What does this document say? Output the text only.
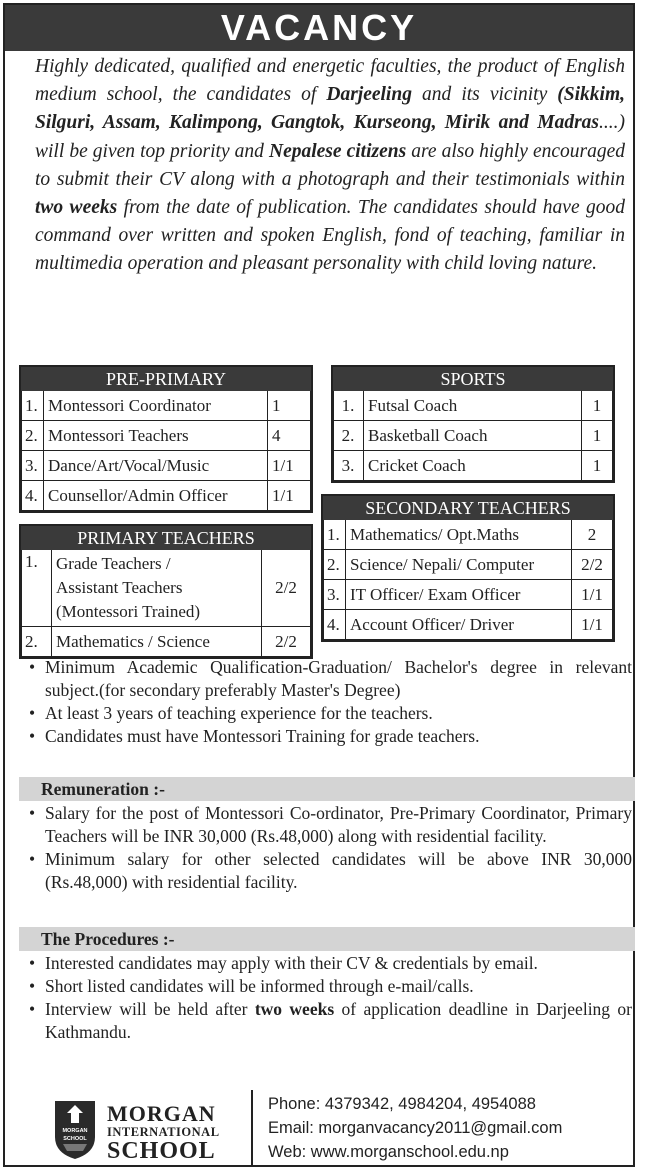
VACANCY
Highly dedicated, qualified and energetic faculties, the product of English medium school, the candidates of Darjeeling and its vicinity (Sikkim, Silguri, Assam, Kalimpong, Gangtok, Kurseong, Mirik and Madras....) will be given top priority and Nepalese citizens are also highly encouraged to submit their CV along with a photograph and their testimonials within two weeks from the date of publication. The candidates should have good command over written and spoken English, fond of teaching, familiar in multimedia operation and pleasant personality with child loving nature.
PRE-PRIMARY
1.	Montessori Coordinator	1
2.	Montessori Teachers	4
3.	Dance/Art/Vocal/Music	1/1
4.	Counsellor/Admin Officer	1/1
SPORTS
1.	Futsal Coach	1
2.	Basketball Coach	1
3.	Cricket Coach	1
PRIMARY TEACHERS
1.	Grade Teachers /
Assistant Teachers
(Montessori Trained)	2/2
2.	Mathematics / Science	2/2
SECONDARY TEACHERS
1.	Mathematics/ Opt.Maths	2
2.	Science/ Nepali/ Computer	2/2
3.	IT Officer/ Exam Officer	1/1
4.	Account Officer/ Driver	1/1
• Minimum Academic Qualification-Graduation/ Bachelor's degree in relevant subject.(for secondary preferably Master's Degree)
• At least 3 years of teaching experience for the teachers.
• Candidates must have Montessori Training for grade teachers.
Remuneration :-
• Salary for the post of Montessori Co-ordinator, Pre-Primary Coordinator, Primary Teachers will be INR 30,000 (Rs.48,000) along with residential facility.
• Minimum salary for other selected candidates will be above INR 30,000 (Rs.48,000) with residential facility.
The Procedures :-
• Interested candidates may apply with their CV & credentials by email.
• Short listed candidates will be informed through e-mail/calls.
• Interview will be held after two weeks of application deadline in Darjeeling or Kathmandu.
MORGAN
SCHOOL
MORGAN
INTERNATIONAL
SCHOOL
Phone: 4379342, 4984204, 4954088
Email: morganvacancy2011@gmail.com
Web: www.morganschool.edu.np
